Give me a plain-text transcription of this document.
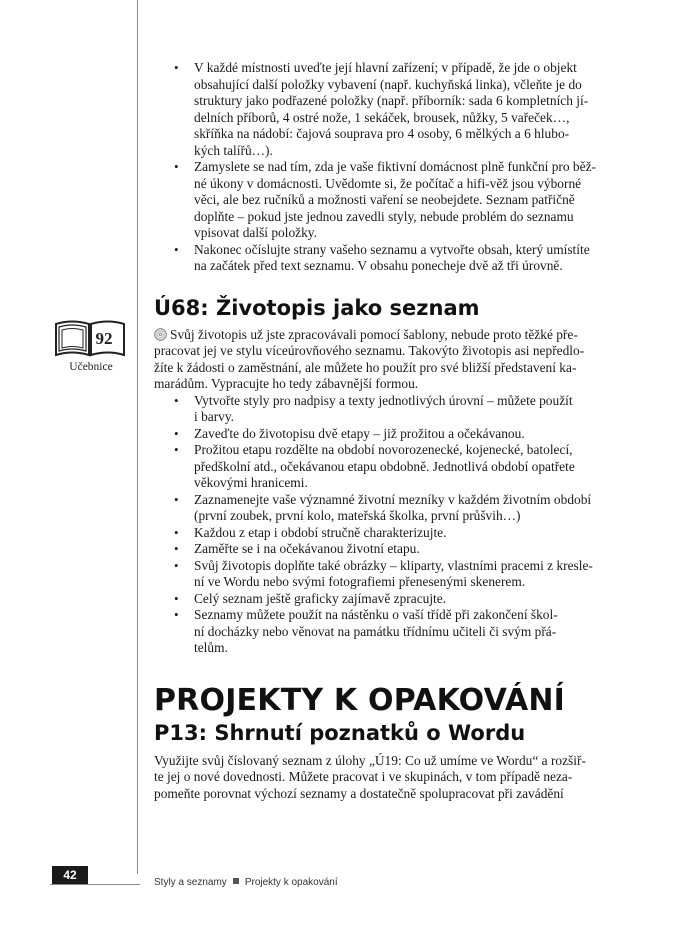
92
Učebnice
• V každé místnosti uveďte její hlavní zařízení; v případě, že jde o objekt
obsahující další položky vybavení (např. kuchyňská linka), včleňte je do
struktury jako podřazené položky (např. příborník: sada 6 kompletních jí-
delních příborů, 4 ostré nože, 1 sekáček, brousek, nůžky, 5 vařeček…,
skříňka na nádobí: čajová souprava pro 4 osoby, 6 mělkých a 6 hlubo-
kých talířů…).
• Zamyslete se nad tím, zda je vaše fiktivní domácnost plně funkční pro běž-
né úkony v domácnosti. Uvědomte si, že počítač a hifi-věž jsou výborné
věci, ale bez ručníků a možnosti vaření se neobejdete. Seznam patřičně
doplňte – pokud jste jednou zavedli styly, nebude problém do seznamu
vpisovat další položky.
• Nakonec očíslujte strany vašeho seznamu a vytvořte obsah, který umístíte
na začátek před text seznamu. V obsahu ponecheje dvě až tři úrovně.
Ú68: Životopis jako seznam
Svůj životopis už jste zpracovávali pomocí šablony, nebude proto těžké pře-
pracovat jej ve stylu víceúrovňového seznamu. Takovýto životopis asi nepředlo-
žíte k žádosti o zaměstnání, ale můžete ho použít pro své bližší představení ka-
marádům. Vypracujte ho tedy zábavnější formou.
• Vytvořte styly pro nadpisy a texty jednotlivých úrovní – můžete použít
i barvy.
• Zaveďte do životopisu dvě etapy – již prožitou a očekávanou.
• Prožitou etapu rozdělte na období novorozenecké, kojenecké, batolecí,
předškolní atd., očekávanou etapu obdobně. Jednotlivá období opatřete
věkovými hranicemi.
• Zaznamenejte vaše významné životní mezníky v každém životním období
(první zoubek, první kolo, mateřská školka, první průšvih…)
• Každou z etap i období stručně charakterizujte.
• Zaměřte se i na očekávanou životní etapu.
• Svůj životopis doplňte také obrázky – kliparty, vlastními pracemi z kresle-
ní ve Wordu nebo svými fotografiemi přenesenými skenerem.
• Celý seznam ještě graficky zajímavě zpracujte.
• Seznamy můžete použít na nástěnku o vaší třídě při zakončení škol-
ní docházky nebo věnovat na památku třídnímu učiteli či svým přá-
telům.
PROJEKTY K OPAKOVÁNÍ
P13: Shrnutí poznatků o Wordu
Využijte svůj číslovaný seznam z úlohy „Ú19: Co už umíme ve Wordu“ a rozšiř-
te jej o nové dovednosti. Můžete pracovat i ve skupinách, v tom případě neza-
pomeňte porovnat výchozí seznamy a dostatečně spolupracovat při zavádění
42
Styly a seznamy Projekty k opakování
